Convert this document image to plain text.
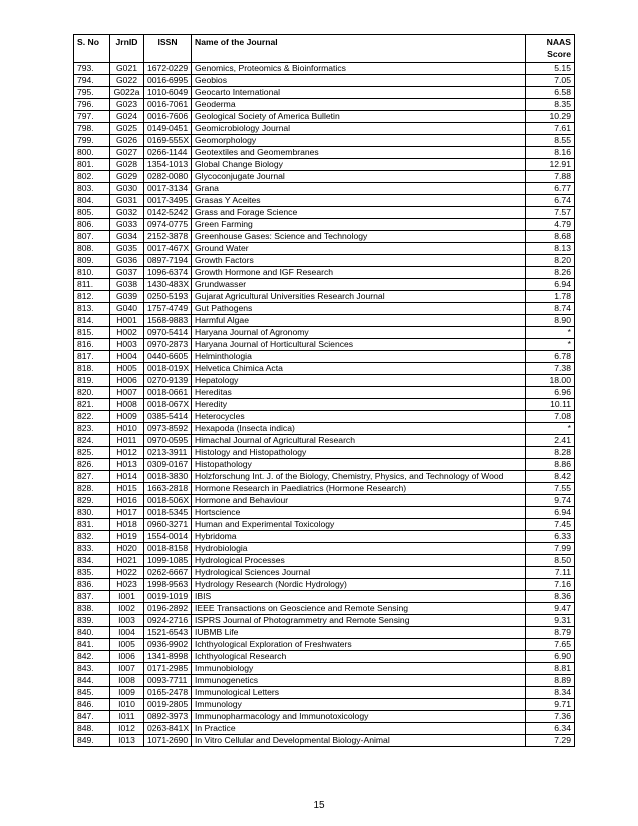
S. No	JrnID	ISSN	Name of the Journal	NAAS Score
793.	G021	1672-0229	Genomics, Proteomics & Bioinformatics	5.15
794.	G022	0016-6995	Geobios	7.05
795.	G022a	1010-6049	Geocarto International	6.58
796.	G023	0016-7061	Geoderma	8.35
797.	G024	0016-7606	Geological Society of America Bulletin	10.29
798.	G025	0149-0451	Geomicrobiology Journal	7.61
799.	G026	0169-555X	Geomorphology	8.55
800.	G027	0266-1144	Geotextiles and Geomembranes	8.16
801.	G028	1354-1013	Global Change Biology	12.91
802.	G029	0282-0080	Glycoconjugate Journal	7.88
803.	G030	0017-3134	Grana	6.77
804.	G031	0017-3495	Grasas Y Aceites	6.74
805.	G032	0142-5242	Grass and Forage Science	7.57
806.	G033	0974-0775	Green Farming	4.79
807.	G034	2152-3878	Greenhouse Gases: Science and Technology	8.68
808.	G035	0017-467X	Ground Water	8.13
809.	G036	0897-7194	Growth Factors	8.20
810.	G037	1096-6374	Growth Hormone and IGF Research	8.26
811.	G038	1430-483X	Grundwasser	6.94
812.	G039	0250-5193	Gujarat Agricultural Universities Research Journal	1.78
813.	G040	1757-4749	Gut Pathogens	8.74
814.	H001	1568-9883	Harmful Algae	8.90
815.	H002	0970-5414	Haryana Journal of Agronomy	*
816.	H003	0970-2873	Haryana Journal of Horticultural Sciences	*
817.	H004	0440-6605	Helminthologia	6.78
818.	H005	0018-019X	Helvetica Chimica Acta	7.38
819.	H006	0270-9139	Hepatology	18.00
820.	H007	0018-0661	Hereditas	6.96
821.	H008	0018-067X	Heredity	10.11
822.	H009	0385-5414	Heterocycles	7.08
823.	H010	0973-8592	Hexapoda (Insecta indica)	*
824.	H011	0970-0595	Himachal Journal of Agricultural Research	2.41
825.	H012	0213-3911	Histology and Histopathology	8.28
826.	H013	0309-0167	Histopathology	8.86
827.	H014	0018-3830	Holzforschung Int. J. of the Biology, Chemistry, Physics, and Technology of Wood	8.42
828.	H015	1663-2818	Hormone Research in Paediatrics (Hormone Research)	7.55
829.	H016	0018-506X	Hormone and Behaviour	9.74
830.	H017	0018-5345	Hortscience	6.94
831.	H018	0960-3271	Human and Experimental Toxicology	7.45
832.	H019	1554-0014	Hybridoma	6.33
833.	H020	0018-8158	Hydrobiologia	7.99
834.	H021	1099-1085	Hydrological Processes	8.50
835.	H022	0262-6667	Hydrological Sciences Journal	7.11
836.	H023	1998-9563	Hydrology Research (Nordic Hydrology)	7.16
837.	I001	0019-1019	IBIS	8.36
838.	I002	0196-2892	IEEE Transactions on Geoscience and Remote Sensing	9.47
839.	I003	0924-2716	ISPRS Journal of Photogrammetry and Remote Sensing	9.31
840.	I004	1521-6543	IUBMB Life	8.79
841.	I005	0936-9902	Ichthyological Exploration of Freshwaters	7.65
842.	I006	1341-8998	Ichthyological Research	6.90
843.	I007	0171-2985	Immunobiology	8.81
844.	I008	0093-7711	Immunogenetics	8.89
845.	I009	0165-2478	Immunological Letters	8.34
846.	I010	0019-2805	Immunology	9.71
847.	I011	0892-3973	Immunopharmacology and Immunotoxicology	7.36
848.	I012	0263-841X	In Practice	6.34
849.	I013	1071-2690	In Vitro Cellular and Developmental Biology-Animal	7.29
15
